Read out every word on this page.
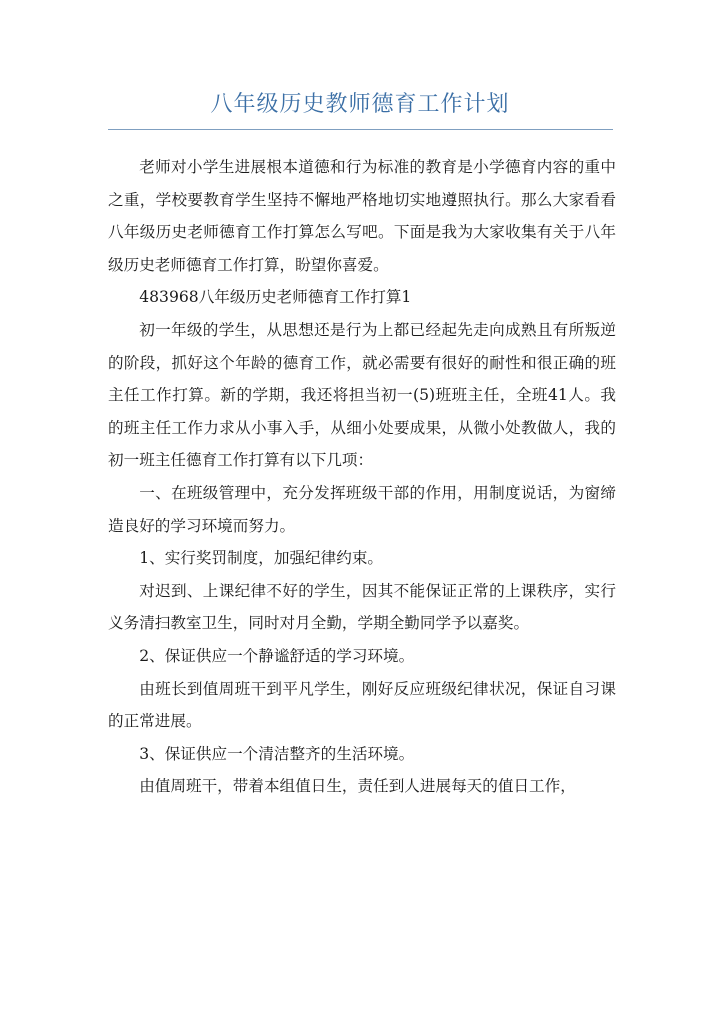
八年级历史教师德育工作计划

老师对小学生进展根本道德和行为标准的教育是小学德育内容的重中之重，学校要教育学生坚持不懈地严格地切实地遵照执行。那么大家看看八年级历史老师德育工作打算怎么写吧。下面是我为大家收集有关于八年级历史老师德育工作打算，盼望你喜爱。

483968八年级历史老师德育工作打算1

初一年级的学生，从思想还是行为上都已经起先走向成熟且有所叛逆的阶段，抓好这个年龄的德育工作，就必需要有很好的耐性和很正确的班主任工作打算。新的学期，我还将担当初一(5)班班主任，全班41人。我的班主任工作力求从小事入手，从细小处要成果，从微小处教做人，我的初一班主任德育工作打算有以下几项：

一、在班级管理中，充分发挥班级干部的作用，用制度说话，为窗缔造良好的学习环境而努力。

1、实行奖罚制度，加强纪律约束。

对迟到、上课纪律不好的学生，因其不能保证正常的上课秩序，实行义务清扫教室卫生，同时对月全勤，学期全勤同学予以嘉奖。

2、保证供应一个静谧舒适的学习环境。

由班长到值周班干到平凡学生，刚好反应班级纪律状况，保证自习课的正常进展。

3、保证供应一个清洁整齐的生活环境。

由值周班干，带着本组值日生，责任到人进展每天的值日工作，
